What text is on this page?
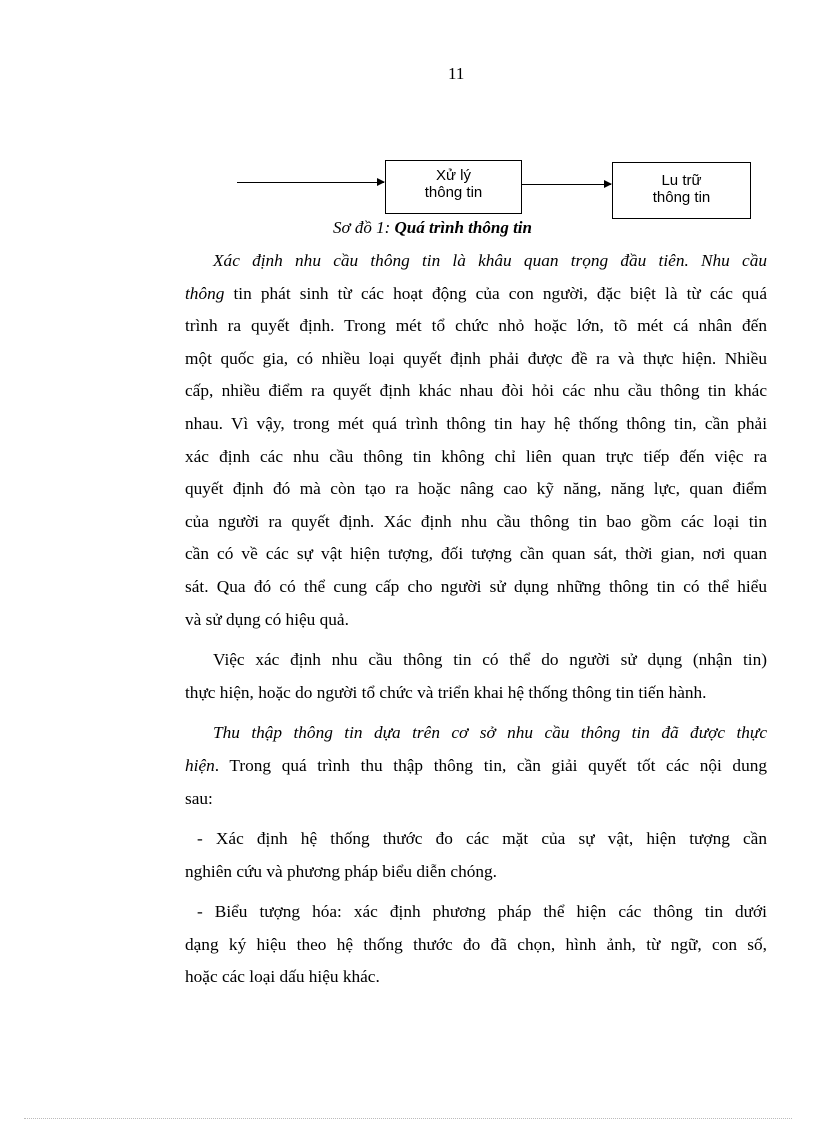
11
Xử lý
thông tin
Lu trữ
thông tin
Sơ đồ 1: Quá trình thông tin
Xác định nhu cầu thông tin là khâu quan trọng đầu tiên. Nhu cầu
thông tin phát sinh từ các hoạt động của con người, đặc biệt là từ các quá
trình ra quyết định. Trong mét tổ chức nhỏ hoặc lớn, tõ mét cá nhân đến
một quốc gia, có nhiều loại quyết định phải được đề ra và thực hiện. Nhiều
cấp, nhiều điểm ra quyết định khác nhau đòi hỏi các nhu cầu thông tin khác
nhau. Vì vậy, trong mét quá trình thông tin hay hệ thống thông tin, cần phải
xác định các nhu cầu thông tin không chỉ liên quan trực tiếp đến việc ra
quyết định đó mà còn tạo ra hoặc nâng cao kỹ năng, năng lực, quan điểm
của người ra quyết định. Xác định nhu cầu thông tin bao gồm các loại tin
cần có về các sự vật hiện tượng, đối tượng cần quan sát, thời gian, nơi quan
sát. Qua đó có thể cung cấp cho người sử dụng những thông tin có thể hiểu
và sử dụng có hiệu quả.
Việc xác định nhu cầu thông tin có thể do người sử dụng (nhận tin)
thực hiện, hoặc do người tổ chức và triển khai hệ thống thông tin tiến hành.
Thu thập thông tin dựa trên cơ sở nhu cầu thông tin đã được thực
hiện. Trong quá trình thu thập thông tin, cần giải quyết tốt các nội dung
sau:
- Xác định hệ thống thước đo các mặt của sự vật, hiện tượng cần
nghiên cứu và phương pháp biểu diễn chóng.
- Biểu tượng hóa: xác định phương pháp thể hiện các thông tin dưới
dạng ký hiệu theo hệ thống thước đo đã chọn, hình ảnh, từ ngữ, con số,
hoặc các loại dấu hiệu khác.
